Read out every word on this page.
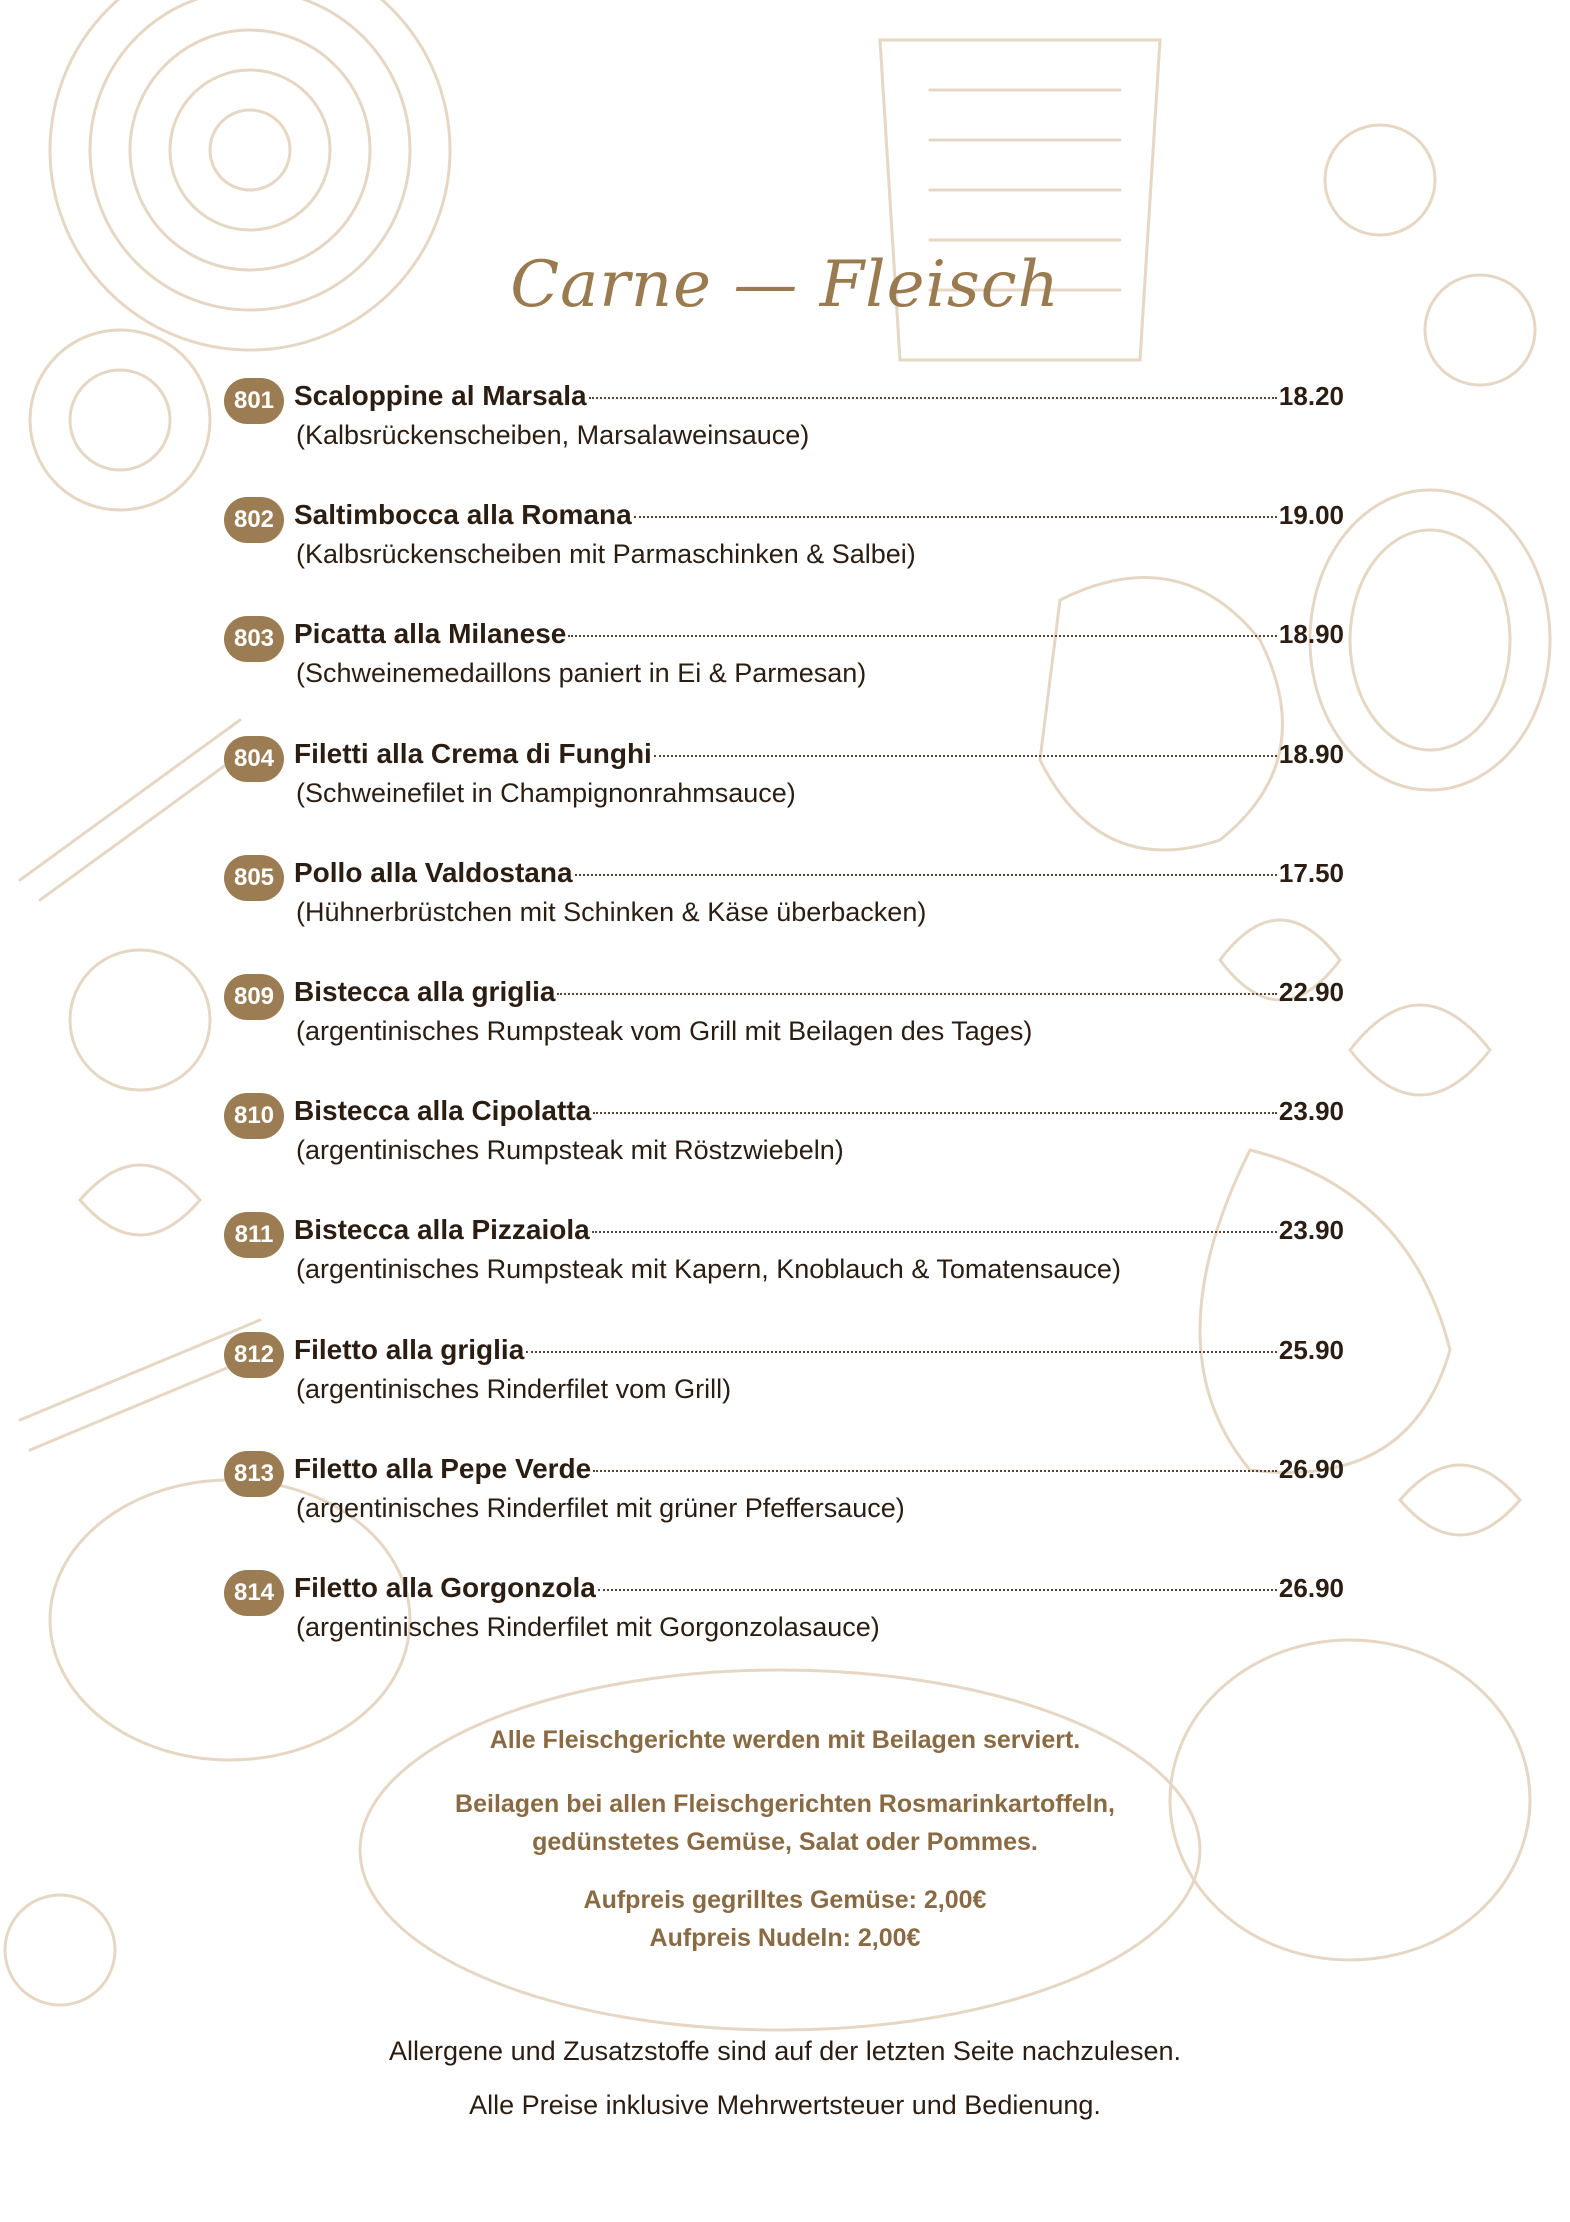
Carne — Fleisch
801 Scaloppine al Marsala	18.20
(Kalbsrückenscheiben, Marsalaweinsauce)
802 Saltimbocca alla Romana	19.00
(Kalbsrückenscheiben mit Parmaschinken & Salbei)
803 Picatta alla Milanese	18.90
(Schweinemedaillons paniert in Ei & Parmesan)
804 Filetti alla Crema di Funghi	18.90
(Schweinefilet in Champignonrahmsauce)
805 Pollo alla Valdostana	17.50
(Hühnerbrüstchen mit Schinken & Käse überbacken)
809 Bistecca alla griglia	22.90
(argentinisches Rumpsteak vom Grill mit Beilagen des Tages)
810 Bistecca alla Cipolatta	23.90
(argentinisches Rumpsteak mit Röstzwiebeln)
811 Bistecca alla Pizzaiola	23.90
(argentinisches Rumpsteak mit Kapern, Knoblauch & Tomatensauce)
812 Filetto alla griglia	25.90
(argentinisches Rinderfilet vom Grill)
813 Filetto alla Pepe Verde	26.90
(argentinisches Rinderfilet mit grüner Pfeffersauce)
814 Filetto alla Gorgonzola	26.90
(argentinisches Rinderfilet mit Gorgonzolasauce)
Alle Fleischgerichte werden mit Beilagen serviert.
Beilagen bei allen Fleischgerichten Rosmarinkartoffeln,
gedünstetes Gemüse, Salat oder Pommes.
Aufpreis gegrilltes Gemüse: 2,00€
Aufpreis Nudeln: 2,00€
Allergene und Zusatzstoffe sind auf der letzten Seite nachzulesen.
Alle Preise inklusive Mehrwertsteuer und Bedienung.
